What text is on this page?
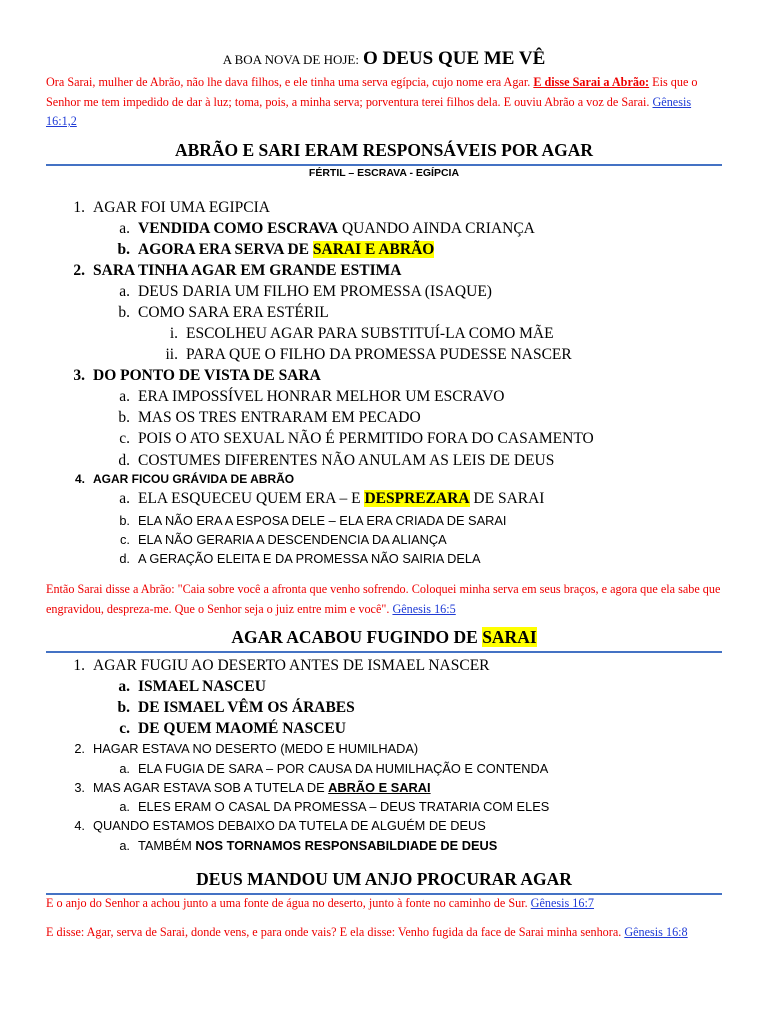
A BOA NOVA DE HOJE: O DEUS QUE ME VÊ
Ora Sarai, mulher de Abrão, não lhe dava filhos, e ele tinha uma serva egípcia, cujo nome era Agar. E disse Sarai a Abrão: Eis que o Senhor me tem impedido de dar à luz; toma, pois, a minha serva; porventura terei filhos dela. E ouviu Abrão a voz de Sarai. Gênesis 16:1,2
ABRÃO E SARI ERAM RESPONSÁVEIS POR AGAR
FÉRTIL – ESCRAVA - EGÍPCIA
1. AGAR FOI UMA EGIPCIA
a. VENDIDA COMO ESCRAVA QUANDO AINDA CRIANÇA
b. AGORA ERA SERVA DE SARAI E ABRÃO
2. SARA TINHA AGAR EM GRANDE ESTIMA
a. DEUS DARIA UM FILHO EM PROMESSA (ISAQUE)
b. COMO SARA ERA ESTÉRIL
i. ESCOLHEU AGAR PARA SUBSTITUÍ-LA COMO MÃE
ii. PARA QUE O FILHO DA PROMESSA PUDESSE NASCER
3. DO PONTO DE VISTA DE SARA
a. ERA IMPOSSÍVEL HONRAR MELHOR UM ESCRAVO
b. MAS OS TRES ENTRARAM EM PECADO
c. POIS O ATO SEXUAL NÃO É PERMITIDO FORA DO CASAMENTO
d. COSTUMES DIFERENTES NÃO ANULAM AS LEIS DE DEUS
4. AGAR FICOU GRÁVIDA DE ABRÃO
a. ELA ESQUECEU QUEM ERA – E DESPREZARA DE SARAI
b. ELA NÃO ERA A ESPOSA DELE – ELA ERA CRIADA DE SARAI
c. ELA NÃO GERARIA A DESCENDENCIA DA ALIANÇA
d. A GERAÇÃO ELEITA E DA PROMESSA NÃO SAIRIA DELA
Então Sarai disse a Abrão: "Caia sobre você a afronta que venho sofrendo. Coloquei minha serva em seus braços, e agora que ela sabe que engravidou, despreza-me. Que o Senhor seja o juiz entre mim e você". Gênesis 16:5
AGAR ACABOU FUGINDO DE SARAI
1. AGAR FUGIU AO DESERTO ANTES DE ISMAEL NASCER
a. ISMAEL NASCEU
b. DE ISMAEL VÊM OS ÁRABES
c. DE QUEM MAOMÉ NASCEU
2. HAGAR ESTAVA NO DESERTO (MEDO E HUMILHADA)
a. ELA FUGIA DE SARA – POR CAUSA DA HUMILHAÇÃO E CONTENDA
3. MAS AGAR ESTAVA SOB A TUTELA DE ABRÃO E SARAI
a. ELES ERAM O CASAL DA PROMESSA – DEUS TRATARIA COM ELES
4. QUANDO ESTAMOS DEBAIXO DA TUTELA DE ALGUÉM DE DEUS
a. TAMBÉM NOS TORNAMOS RESPONSABILDIADE DE DEUS
DEUS MANDOU UM ANJO PROCURAR AGAR
E o anjo do Senhor a achou junto a uma fonte de água no deserto, junto à fonte no caminho de Sur. Gênesis 16:7
E disse: Agar, serva de Sarai, donde vens, e para onde vais? E ela disse: Venho fugida da face de Sarai minha senhora. Gênesis 16:8
